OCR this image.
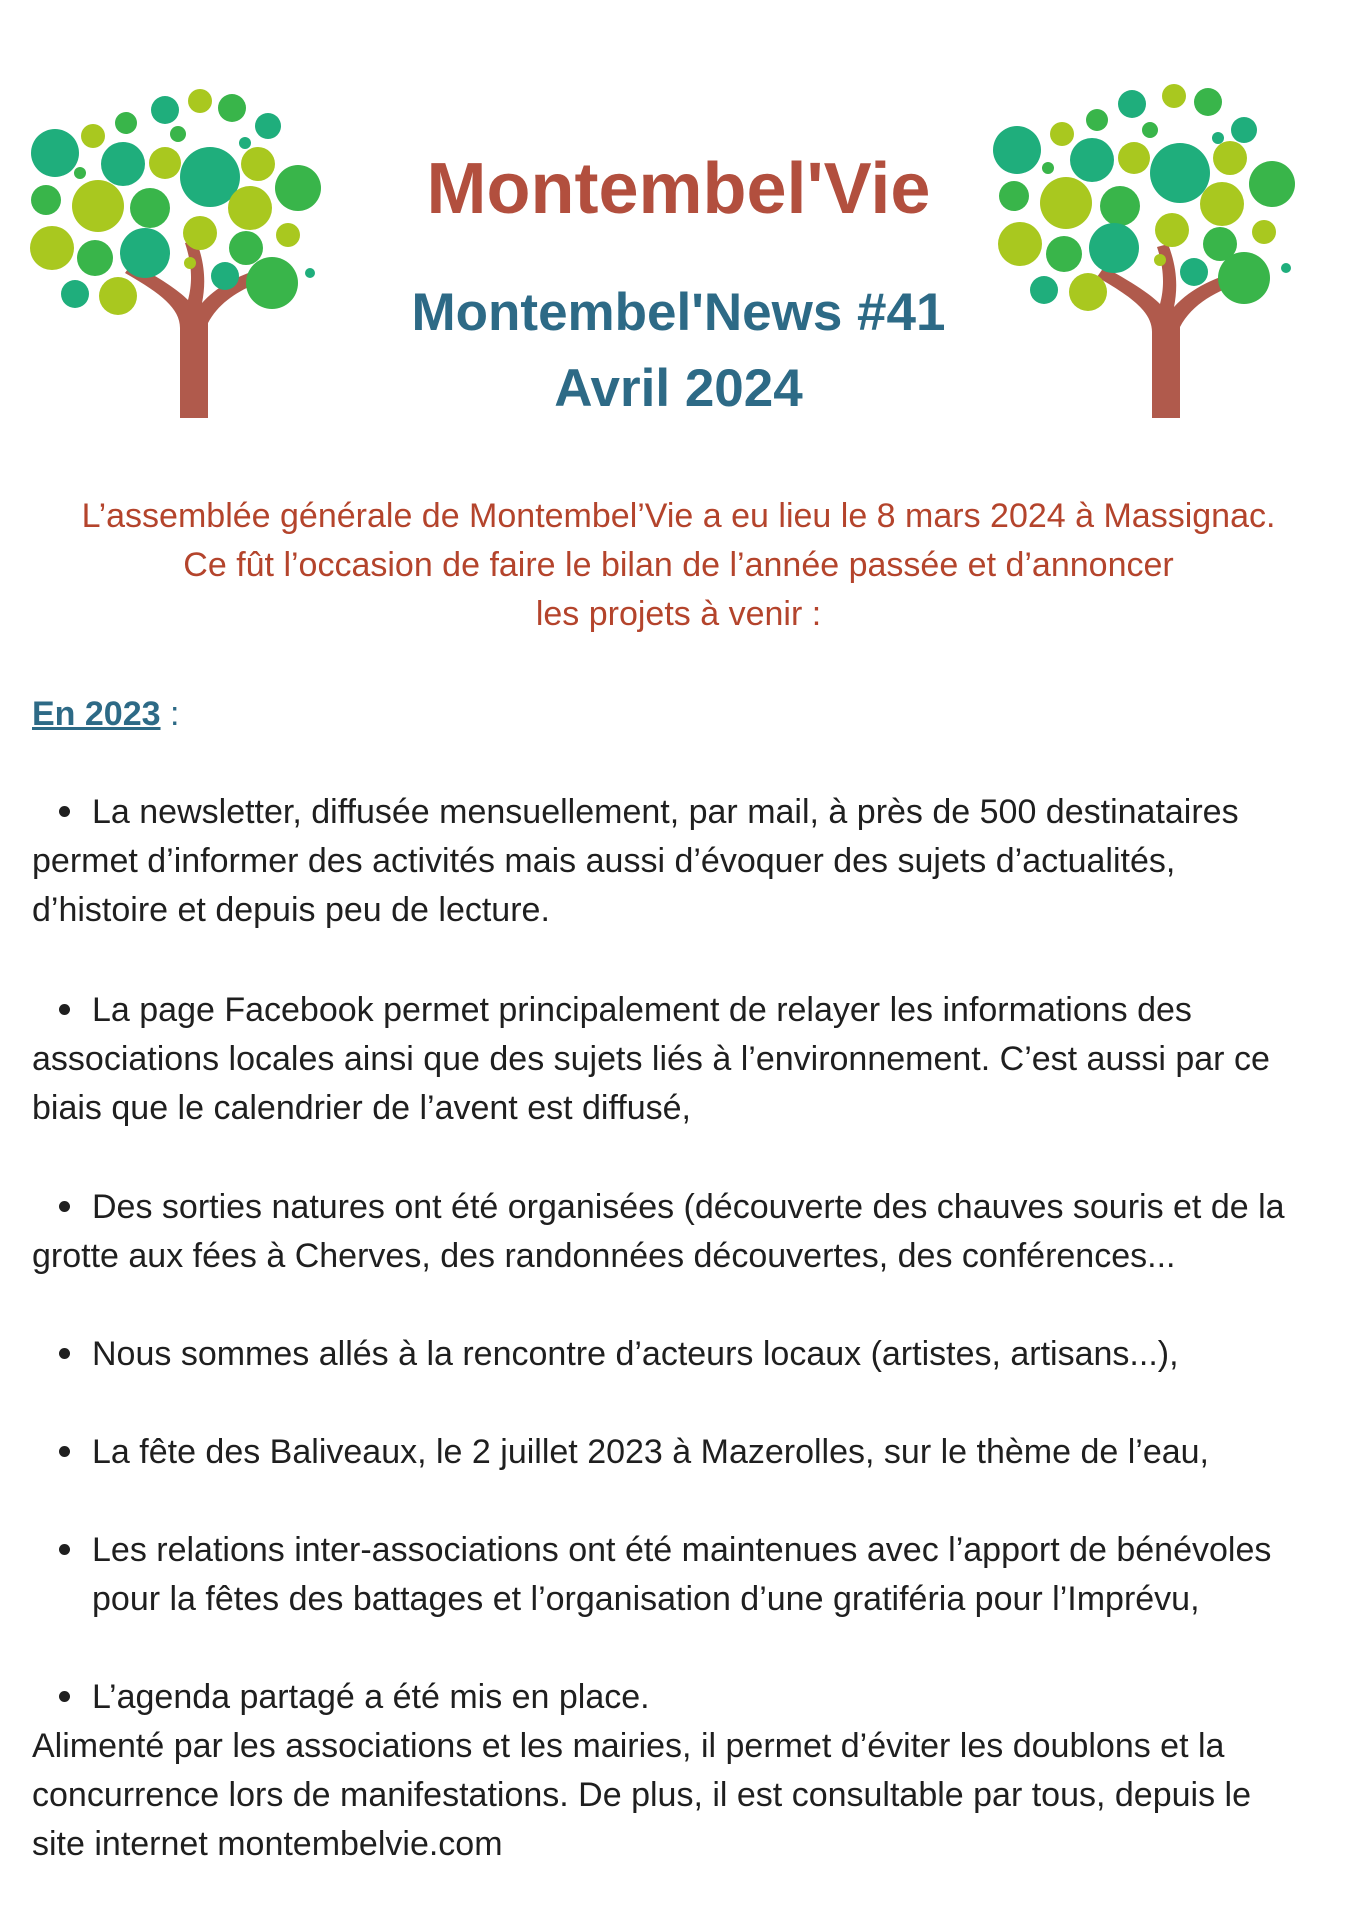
Montembel'Vie
Montembel'News #41
Avril 2024

L’assemblée générale de Montembel’Vie a eu lieu le 8 mars 2024 à Massignac.

Ce fût l’occasion de faire le bilan de l’année passée et d’annoncer

les projets à venir :

En 2023 :
La newsletter, diffusée mensuellement, par mail, à près de 500 destinataires
permet d’informer des activités mais aussi d’évoquer des sujets d’actualités,
d’histoire et depuis peu de lecture.
La page Facebook permet principalement de relayer les informations des
associations locales ainsi que des sujets liés à l’environnement. C’est aussi par ce
biais que le calendrier de l’avent est diffusé,
Des sorties natures ont été organisées (découverte des chauves souris et de la
grotte aux fées à Cherves, des randonnées découvertes, des conférences...
Nous sommes allés à la rencontre d’acteurs locaux (artistes, artisans...),
La fête des Baliveaux, le 2 juillet 2023 à Mazerolles, sur le thème de l’eau,
Les relations inter-associations ont été maintenues avec l’apport de bénévoles
pour la fêtes des battages et l’organisation d’une gratiféria pour l’Imprévu,
L’agenda partagé a été mis en place.
Alimenté par les associations et les mairies, il permet d’éviter les doublons et la
concurrence lors de manifestations. De plus, il est consultable par tous, depuis le
site internet montembelvie.com
